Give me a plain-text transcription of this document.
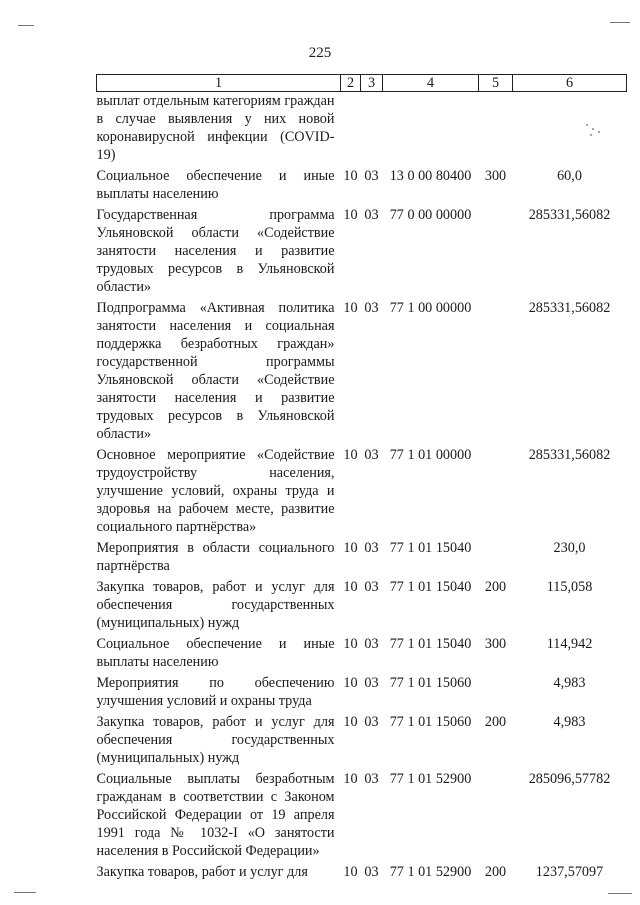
225
1	2	3	4	5	6
выплат отдельным категориям граждан в случае выявления у них новой коронавирусной инфекции (COVID-19)					
Социальное обеспечение и иные выплаты населению	10	03	13 0 00 80400	300	60,0
Государственная программа Ульяновской области «Содействие занятости населения и развитие трудовых ресурсов в Ульяновской области»	10	03	77 0 00 00000		285331,56082
Подпрограмма «Активная политика занятости населения и социальная поддержка безработных граждан» государственной программы Ульяновской области «Содействие занятости населения и развитие трудовых ресурсов в Ульяновской области»	10	03	77 1 00 00000		285331,56082
Основное мероприятие «Содействие трудоустройству населения, улучшение условий, охраны труда и здоровья на рабочем месте, развитие социального партнёрства»	10	03	77 1 01 00000		285331,56082
Мероприятия в области социального партнёрства	10	03	77 1 01 15040		230,0
Закупка товаров, работ и услуг для обеспечения государственных (муниципальных) нужд	10	03	77 1 01 15040	200	115,058
Социальное обеспечение и иные выплаты населению	10	03	77 1 01 15040	300	114,942
Мероприятия по обеспечению улучшения условий и охраны труда	10	03	77 1 01 15060		4,983
Закупка товаров, работ и услуг для обеспечения государственных (муниципальных) нужд	10	03	77 1 01 15060	200	4,983
Социальные выплаты безработным гражданам в соответствии с Законом Российской Федерации от 19 апреля 1991 года № 1032-I «О занятости населения в Российской Федерации»	10	03	77 1 01 52900		285096,57782
Закупка товаров, работ и услуг для	10	03	77 1 01 52900	200	1237,57097
